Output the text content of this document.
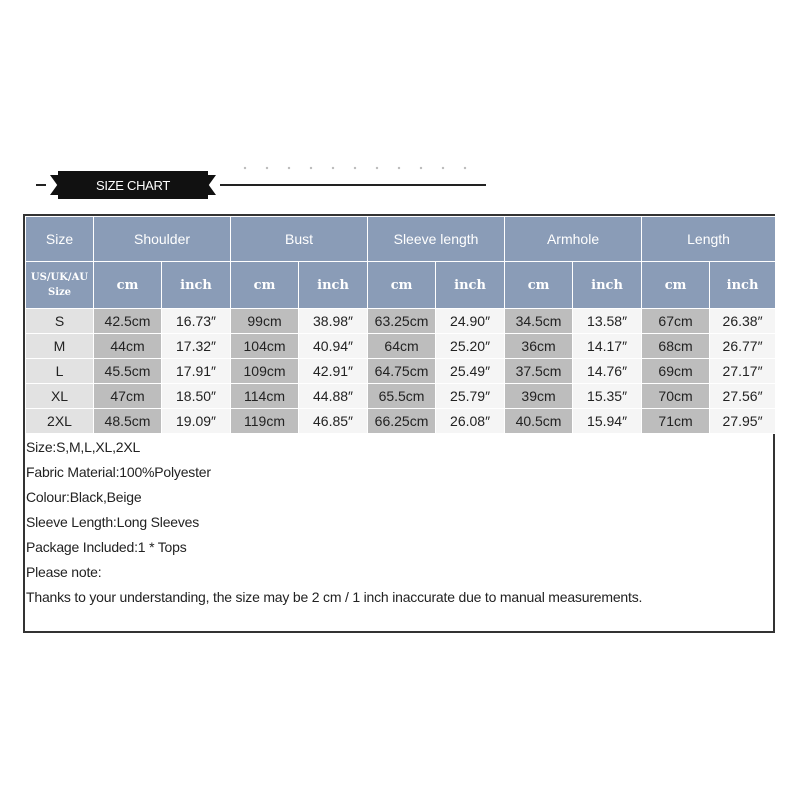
SIZE CHART
Size	Shoulder		Bust		Sleeve length		Armhole		Length	

US/UK/AU
Size	cm	inch	cm	inch	cm	inch	cm	inch	cm	inch
S	42.5cm	16.73″	99cm	38.98″	63.25cm	24.90″	34.5cm	13.58″	67cm	26.38″
M	44cm	17.32″	104cm	40.94″	64cm	25.20″	36cm	14.17″	68cm	26.77″
L	45.5cm	17.91″	109cm	42.91″	64.75cm	25.49″	37.5cm	14.76″	69cm	27.17″
XL	47cm	18.50″	114cm	44.88″	65.5cm	25.79″	39cm	15.35″	70cm	27.56″
2XL	48.5cm	19.09″	119cm	46.85″	66.25cm	26.08″	40.5cm	15.94″	71cm	27.95″
Size:S,M,L,XL,2XL
Fabric Material:100%Polyester
Colour:Black,Beige
Sleeve Length:Long Sleeves
Package Included:1 * Tops
Please note:
Thanks to your understanding, the size may be 2 cm / 1 inch inaccurate due to manual measurements.
